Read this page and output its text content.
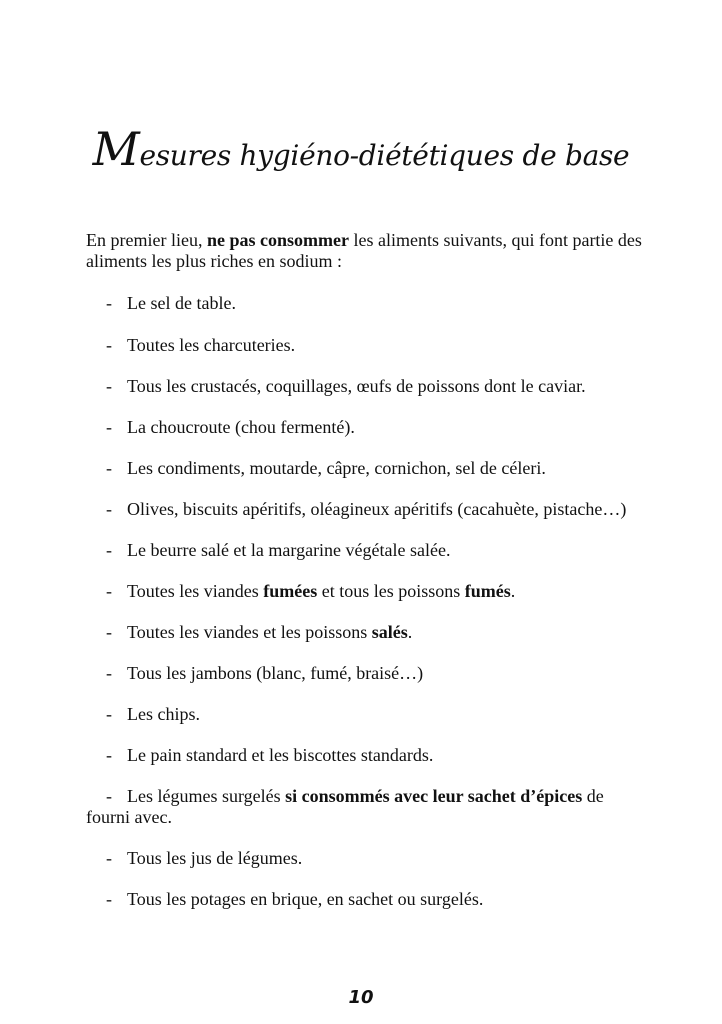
Mesures hygiéno-diététiques de base

En premier lieu, ne pas consommer les aliments suivants, qui font partie des aliments les plus riches en sodium :

- Le sel de table.

- Toutes les charcuteries.

- Tous les crustacés, coquillages, œufs de poissons dont le caviar.

- La choucroute (chou fermenté).

- Les condiments, moutarde, câpre, cornichon, sel de céleri.

- Olives, biscuits apéritifs, oléagineux apéritifs (cacahuète, pistache…)

- Le beurre salé et la margarine végétale salée.

- Toutes les viandes fumées et tous les poissons fumés.

- Toutes les viandes et les poissons salés.

- Tous les jambons (blanc, fumé, braisé…)

- Les chips.

- Le pain standard et les biscottes standards.

- Les légumes surgelés si consommés avec leur sachet d’épices de fourni avec.

- Tous les jus de légumes.

- Tous les potages en brique, en sachet ou surgelés.

10
